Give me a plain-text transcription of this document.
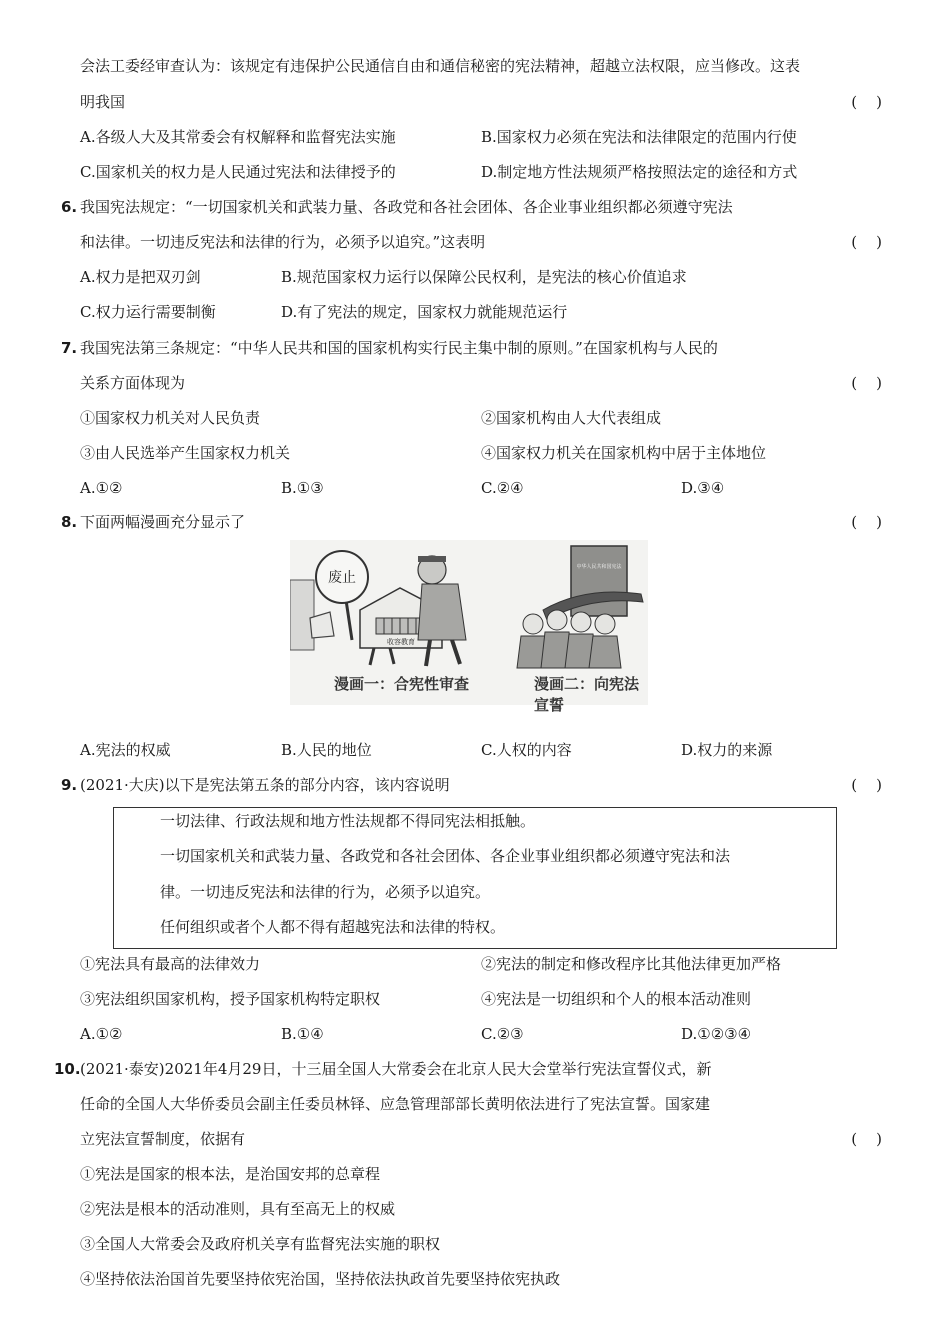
会法工委经审查认为：该规定有违保护公民通信自由和通信秘密的宪法精神，超越立法权限，应当修改。这表
明我国	(    )
A.各级人大及其常委会有权解释和监督宪法实施	B.国家权力必须在宪法和法律限定的范围内行使
C.国家机关的权力是人民通过宪法和法律授予的	D.制定地方性法规须严格按照法定的途径和方式
6. 我国宪法规定：“一切国家机关和武装力量、各政党和各社会团体、各企业事业组织都必须遵守宪法
和法律。一切违反宪法和法律的行为，必须予以追究。”这表明	(    )
A.权力是把双刃剑	B.规范国家权力运行以保障公民权利，是宪法的核心价值追求
C.权力运行需要制衡	D.有了宪法的规定，国家权力就能规范运行
7. 我国宪法第三条规定：“中华人民共和国的国家机构实行民主集中制的原则。”在国家机构与人民的
关系方面体现为	(    )
①国家权力机关对人民负责	②国家机构由人大代表组成
③由人民选举产生国家权力机关	④国家权力机关在国家机构中居于主体地位
A.①②	B.①③	C.②④	D.③④
8. 下面两幅漫画充分显示了	(    )
废止
收容教育
中华人民共和国宪法
漫画一：合宪性审查	漫画二：向宪法宣誓
A.宪法的权威	B.人民的地位	C.人权的内容	D.权力的来源
9. (2021·大庆)以下是宪法第五条的部分内容，该内容说明	(    )
一切法律、行政法规和地方性法规都不得同宪法相抵触。
一切国家机关和武装力量、各政党和各社会团体、各企业事业组织都必须遵守宪法和法
律。一切违反宪法和法律的行为，必须予以追究。
任何组织或者个人都不得有超越宪法和法律的特权。
①宪法具有最高的法律效力	②宪法的制定和修改程序比其他法律更加严格
③宪法组织国家机构，授予国家机构特定职权	④宪法是一切组织和个人的根本活动准则
A.①②	B.①④	C.②③	D.①②③④
10. (2021·泰安)2021年4月29日，十三届全国人大常委会在北京人民大会堂举行宪法宣誓仪式，新
任命的全国人大华侨委员会副主任委员林铎、应急管理部部长黄明依法进行了宪法宣誓。国家建
立宪法宣誓制度，依据有	(    )
①宪法是国家的根本法，是治国安邦的总章程
②宪法是根本的活动准则，具有至高无上的权威
③全国人大常委会及政府机关享有监督宪法实施的职权
④坚持依法治国首先要坚持依宪治国，坚持依法执政首先要坚持依宪执政
